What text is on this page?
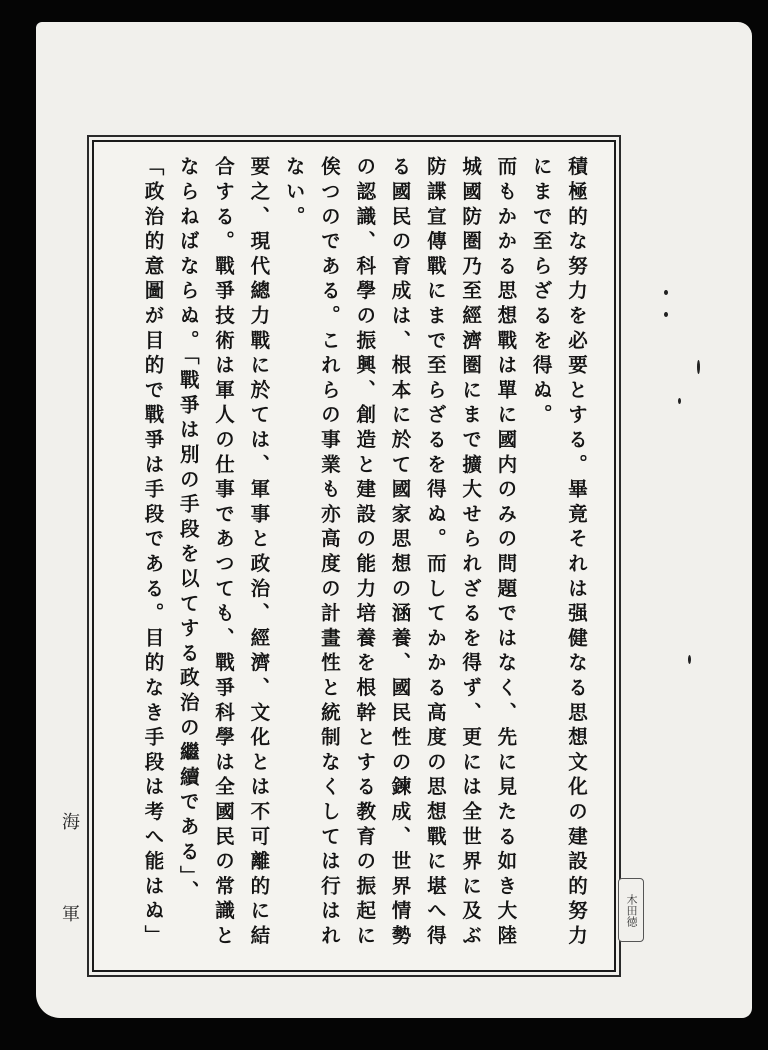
積極的な努力を必要とする。畢竟それは强健なる思想文化の建設的努力
にまで至らざるを得ぬ。
而もかかる思想戰は單に國内のみの問題ではなく、先に見たる如き大陸
城國防圏乃至經濟圏にまで擴大せられざるを得ず、更には全世界に及ぶ
防諜宣傳戰にまで至らざるを得ぬ。而してかかる高度の思想戰に堪へ得
る國民の育成は、根本に於て國家思想の涵養、國民性の鍊成、世界情勢
の認識、科學の振興、創造と建設の能力培養を根幹とする教育の振起に
俟つのである。これらの事業も亦高度の計畫性と統制なくしては行はれ
ない。
要之、現代總力戰に於ては、軍事と政治、經濟、文化とは不可離的に結
合する。戰爭技術は軍人の仕事であつても、戰爭科學は全國民の常識と
ならねばならぬ。「戰爭は別の手段を以てする政治の繼續である」、
「政治的意圖が目的で戰爭は手段である。目的なき手段は考へ能はぬ」	木田徳
海
軍
